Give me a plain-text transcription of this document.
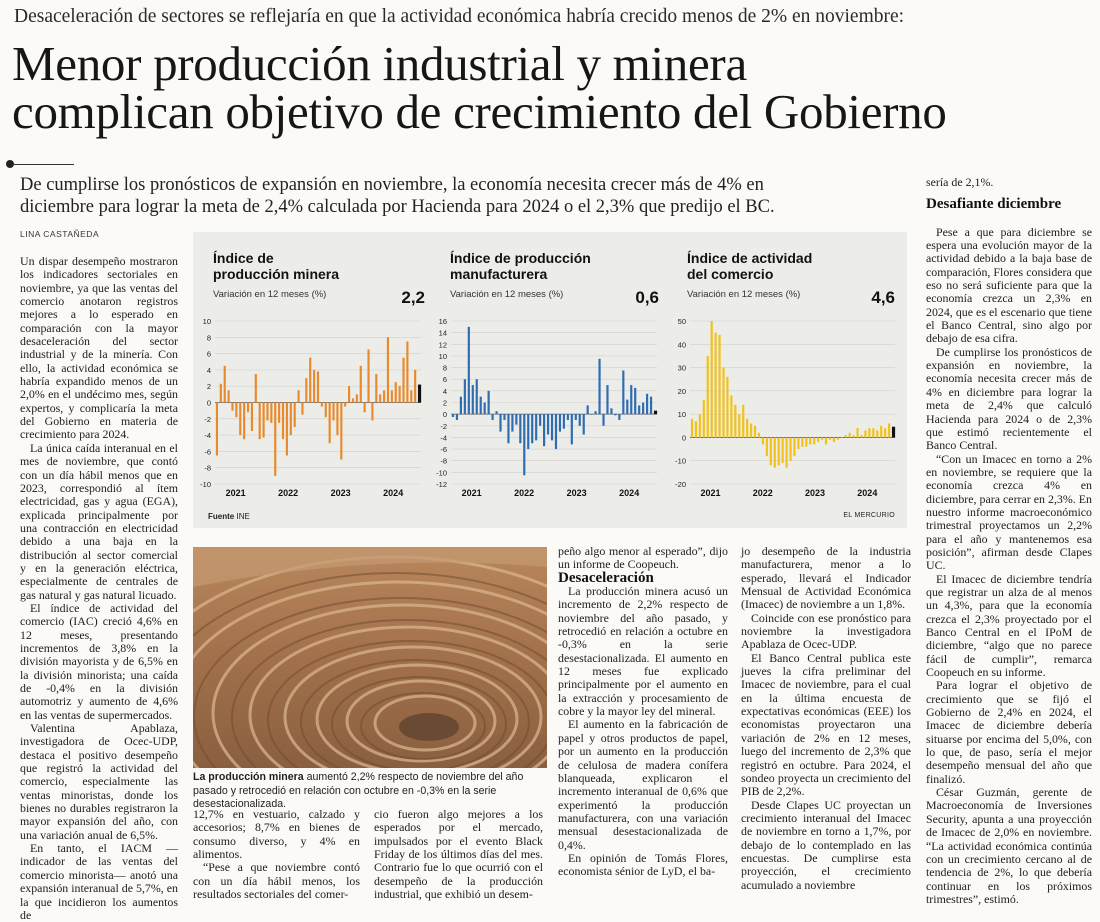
Desaceleración de sectores se reflejaría en que la actividad económica habría crecido menos de 2% en noviembre:
Menor producción industrial y minera
complican objetivo de crecimiento del Gobierno
De cumplirse los pronósticos de expansión en noviembre, la economía necesita crecer más de 4% en
diciembre para lograr la meta de 2,4% calculada por Hacienda para 2024 o el 2,3% que predijo el BC.
LINA CASTAÑEDA

Un dispar desempeño mostraron los indicadores sectoriales en noviembre, ya que las ventas del comercio anotaron registros mejores a lo esperado en comparación con la mayor desaceleración del sector industrial y de la minería. Con ello, la actividad económica se habría expandido menos de un 2,0% en el undécimo mes, según expertos, y complicaría la meta del Gobierno en materia de crecimiento para 2024.

La única caída interanual en el mes de noviembre, que contó con un día hábil menos que en 2023, correspondió al ítem electricidad, gas y agua (EGA), explicada principalmente por una contracción en electricidad debido a una baja en la distribución al sector comercial y en la generación eléctrica, especialmente de centrales de gas natural y gas natural licuado.

El índice de actividad del comercio (IAC) creció 4,6% en 12 meses, presentando incrementos de 3,8% en la división mayorista y de 6,5% en la división minorista; una caída de -0,4% en la división automotriz y aumento de 4,6% en las ventas de supermercados.

Valentina Apablaza, investigadora de Ocec-UDP, destaca el positivo desempeño que registró la actividad del comercio, especialmente las ventas minoristas, donde los bienes no durables registraron la mayor expansión del año, con una variación anual de 6,5%.

En tanto, el IACM —indicador de las ventas del comercio minorista— anotó una expansión interanual de 5,7%, en la que incidieron los aumentos de

Índice de
producción minera
Variación en 12 meses (%)	2,2
Índice de producción
manufacturera
Variación en 12 meses (%)	0,6
Índice de actividad
del comercio
Variación en 12 meses (%)	4,6
10
8
6
4
2
0
-2
-4
-6
-8
-10
2021	2022	2023	2024
16
14
12
10
8
6
4
2
0
-2
-4
-6
-8
-10
-12
2021	2022	2023	2024
50
40
30
20
10
0
-10
-20
2021	2022	2023	2024
Fuente INE	EL MERCURIO
La producción minera aumentó 2,2% respecto de noviembre del año pasado y retrocedió en relación con octubre en -0,3% en la serie desestacionalizada.

12,7% en vestuario, calzado y accesorios; 8,7% en bienes de consumo diverso, y 4% en alimentos.

“Pese a que noviembre contó con un día hábil menos, los resultados sectoriales del comer-

cio fueron algo mejores a los esperados por el mercado, impulsados por el evento Black Friday de los últimos días del mes. Contrario fue lo que ocurrió con el desempeño de la producción industrial, que exhibió un desem-

peño algo menor al esperado”, dijo un informe de Coopeuch.

Desaceleración

La producción minera acusó un incremento de 2,2% respecto de noviembre del año pasado, y retrocedió en relación a octubre en -0,3% en la serie desestacionalizada. El aumento en 12 meses fue explicado principalmente por el aumento en la extracción y procesamiento de cobre y la mayor ley del mineral.

El aumento en la fabricación de papel y otros productos de papel, por un aumento en la producción de celulosa de madera conífera blanqueada, explicaron el incremento interanual de 0,6% que experimentó la producción manufacturera, con una variación mensual desestacionalizada de 0,4%.

En opinión de Tomás Flores, economista sénior de LyD, el ba-

jo desempeño de la industria manufacturera, menor a lo esperado, llevará el Indicador Mensual de Actividad Económica (Imacec) de noviembre a un 1,8%.

Coincide con ese pronóstico para noviembre la investigadora Apablaza de Ocec-UDP.

El Banco Central publica este jueves la cifra preliminar del Imacec de noviembre, para el cual en la última encuesta de expectativas económicas (EEE) los economistas proyectaron una variación de 2% en 12 meses, luego del incremento de 2,3% que registró en octubre. Para 2024, el sondeo proyecta un crecimiento del PIB de 2,2%.

Desde Clapes UC proyectan un crecimiento interanual del Imacec de noviembre en torno a 1,7%, por debajo de lo contemplado en las encuestas. De cumplirse esta proyección, el crecimiento acumulado a noviembre

sería de 2,1%.

Desafiante diciembre

Pese a que para diciembre se espera una evolución mayor de la actividad debido a la baja base de comparación, Flores considera que eso no será suficiente para que la economía crezca un 2,3% en 2024, que es el escenario que tiene el Banco Central, sino algo por debajo de esa cifra.

De cumplirse los pronósticos de expansión en noviembre, la economía necesita crecer más de 4% en diciembre para lograr la meta de 2,4% que calculó Hacienda para 2024 o de 2,3% que estimó recientemente el Banco Central.

“Con un Imacec en torno a 2% en noviembre, se requiere que la economía crezca 4% en diciembre, para cerrar en 2,3%. En nuestro informe macroeconómico trimestral proyectamos un 2,2% para el año y mantenemos esa posición”, afirman desde Clapes UC.

El Imacec de diciembre tendría que registrar un alza de al menos un 4,3%, para que la economía crezca el 2,3% proyectado por el Banco Central en el IPoM de diciembre, “algo que no parece fácil de cumplir”, remarca Coopeuch en su informe.

Para lograr el objetivo de crecimiento que se fijó el Gobierno de 2,4% en 2024, el Imacec de diciembre debería situarse por encima del 5,0%, con lo que, de paso, sería el mejor desempeño mensual del año que finalizó.

César Guzmán, gerente de Macroeconomía de Inversiones Security, apunta a una proyección de Imacec de 2,0% en noviembre. “La actividad económica continúa con un crecimiento cercano al de tendencia de 2%, lo que debería continuar en los próximos trimestres”, estimó.
